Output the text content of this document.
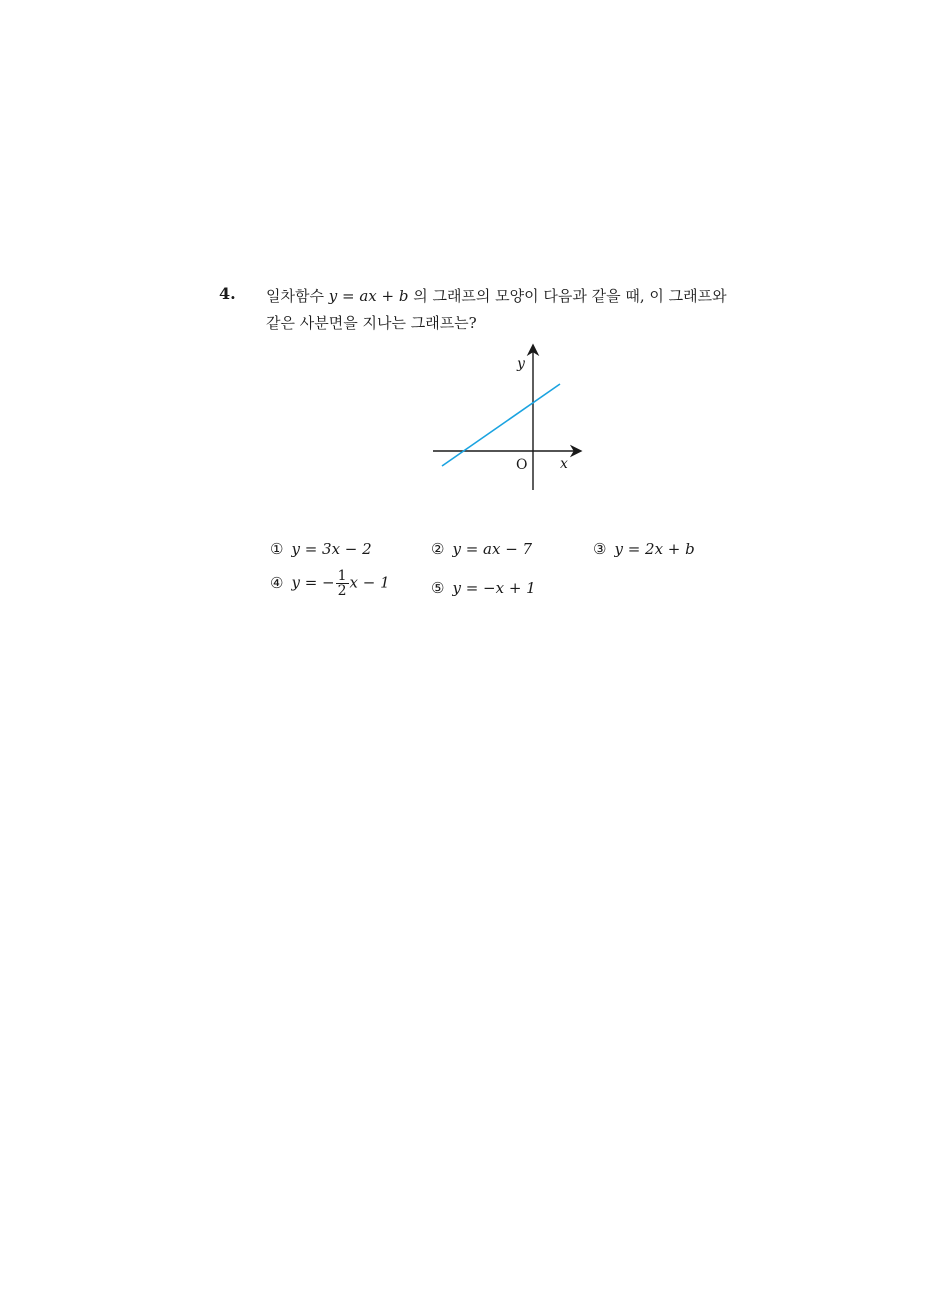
4. 일차함수 y = ax + b 의 그래프의 모양이 다음과 같을 때, 이 그래프와
같은 사분면을 지나는 그래프는?
y
x
O
① y = 3x − 2	② y = ax − 7	③ y = 2x + b
④ y = − $\frac{1}{2}$ x − 1	⑤ y = −x + 1
